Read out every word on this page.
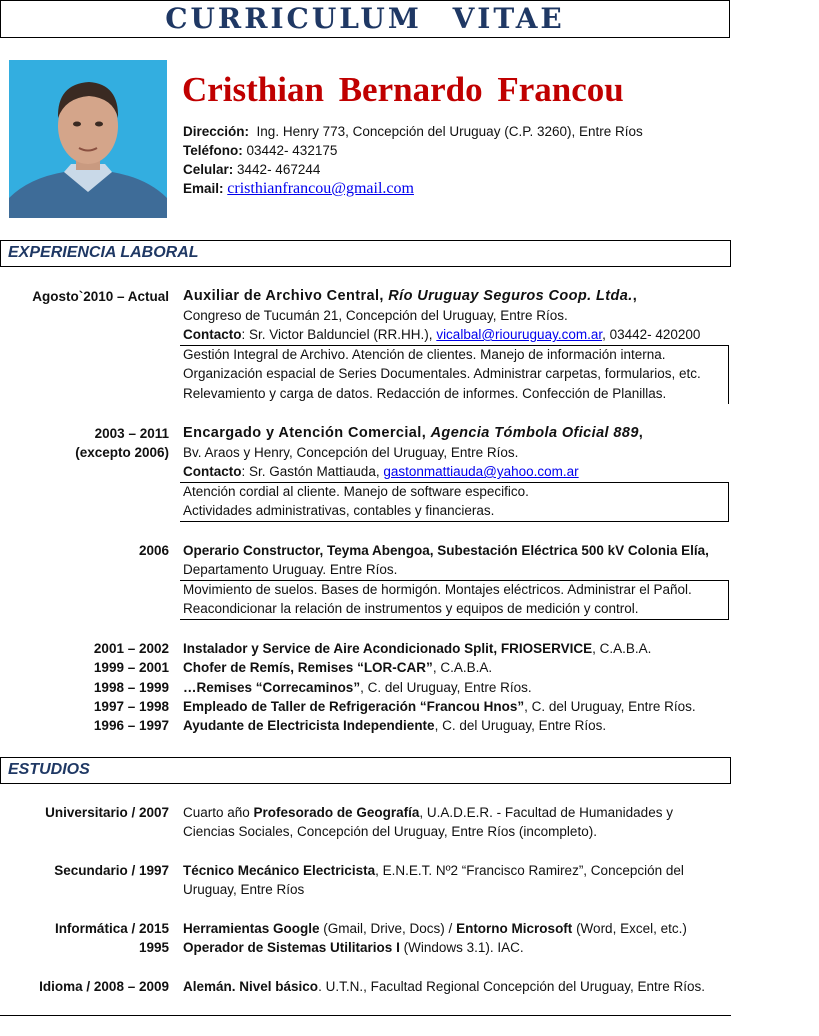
CURRICULUM VITAE
Cristhian Bernardo Francou
Dirección: Ing. Henry 773, Concepción del Uruguay (C.P. 3260), Entre Ríos
Teléfono: 03442- 432175
Celular: 3442- 467244
Email: cristhianfrancou@gmail.com
EXPERIENCIA LABORAL
Agosto`2010 – Actual Auxiliar de Archivo Central, Río Uruguay Seguros Coop. Ltda.,
Congreso de Tucumán 21, Concepción del Uruguay, Entre Ríos.
Contacto: Sr. Victor Balduncie​l (RR.HH.), vicalbal@riouruguay.com.ar, 03442- 420200
Gestión Integral de Archivo. Atención de clientes. Manejo de información interna.
Organización espacial de Series Documentales. Administrar carpetas, formularios, etc.
Relevamiento y carga de datos. Redacción de informes. Confección de Planillas.
2003 – 2011
(excepto 2006)
Encargado y Atención Comercial, Agencia Tómbola Oficial 889,
Bv. Araos y Henry, Concepción del Uruguay, Entre Ríos.
Contacto: Sr. Gastón Mattiauda, gastonmattiauda@yahoo.com.ar
Atención cordial al cliente. Manejo de software especifico.
Actividades administrativas, contables y financieras.
2006 Operario Constructor, Teyma Abengoa, Subestación Eléctrica 500 kV Colonia Elía,
Departamento Uruguay. Entre Ríos.
Movimiento de suelos. Bases de hormigón. Montajes eléctricos. Administrar el Pañol.
Reacondicionar la relación de instrumentos y equipos de medición y control.
2001 – 2002 Instalador y Service de Aire Acondicionado Split, FRIOSERVICE, C.A.B.A.
1999 – 2001 Chofer de Remís, Remises “LOR-CAR”, C.A.B.A.
1998 – 1999 …Remises “Correcaminos”, C. del Uruguay, Entre Ríos.
1997 – 1998 Empleado de Taller de Refrigeración “Francou Hnos”, C. del Uruguay, Entre Ríos.
1996 – 1997 Ayudante de Electricista Independiente, C. del Uruguay, Entre Ríos.
ESTUDIOS
Universitario / 2007 Cuarto año Profesorado de Geografía, U.A.D.E.R. - Facultad de Humanidades y
Ciencias Sociales, Concepción del Uruguay, Entre Ríos (incompleto).
Secundario / 1997 Técnico Mecánico Electricista, E.N.E.T. Nº2 “Francisco Ramirez”, Concepción del
Uruguay, Entre Ríos
Informática / 2015 Herramientas Google (Gmail, Drive, Docs) / Entorno Microsoft (Word, Excel, etc.)
1995 Operador de Sistemas Utilitarios I (Windows 3.1). IAC.
Idioma / 2008 – 2009 Alemán. Nivel básico. U.T.N., Facultad Regional Concepción del Uruguay, Entre Ríos.
